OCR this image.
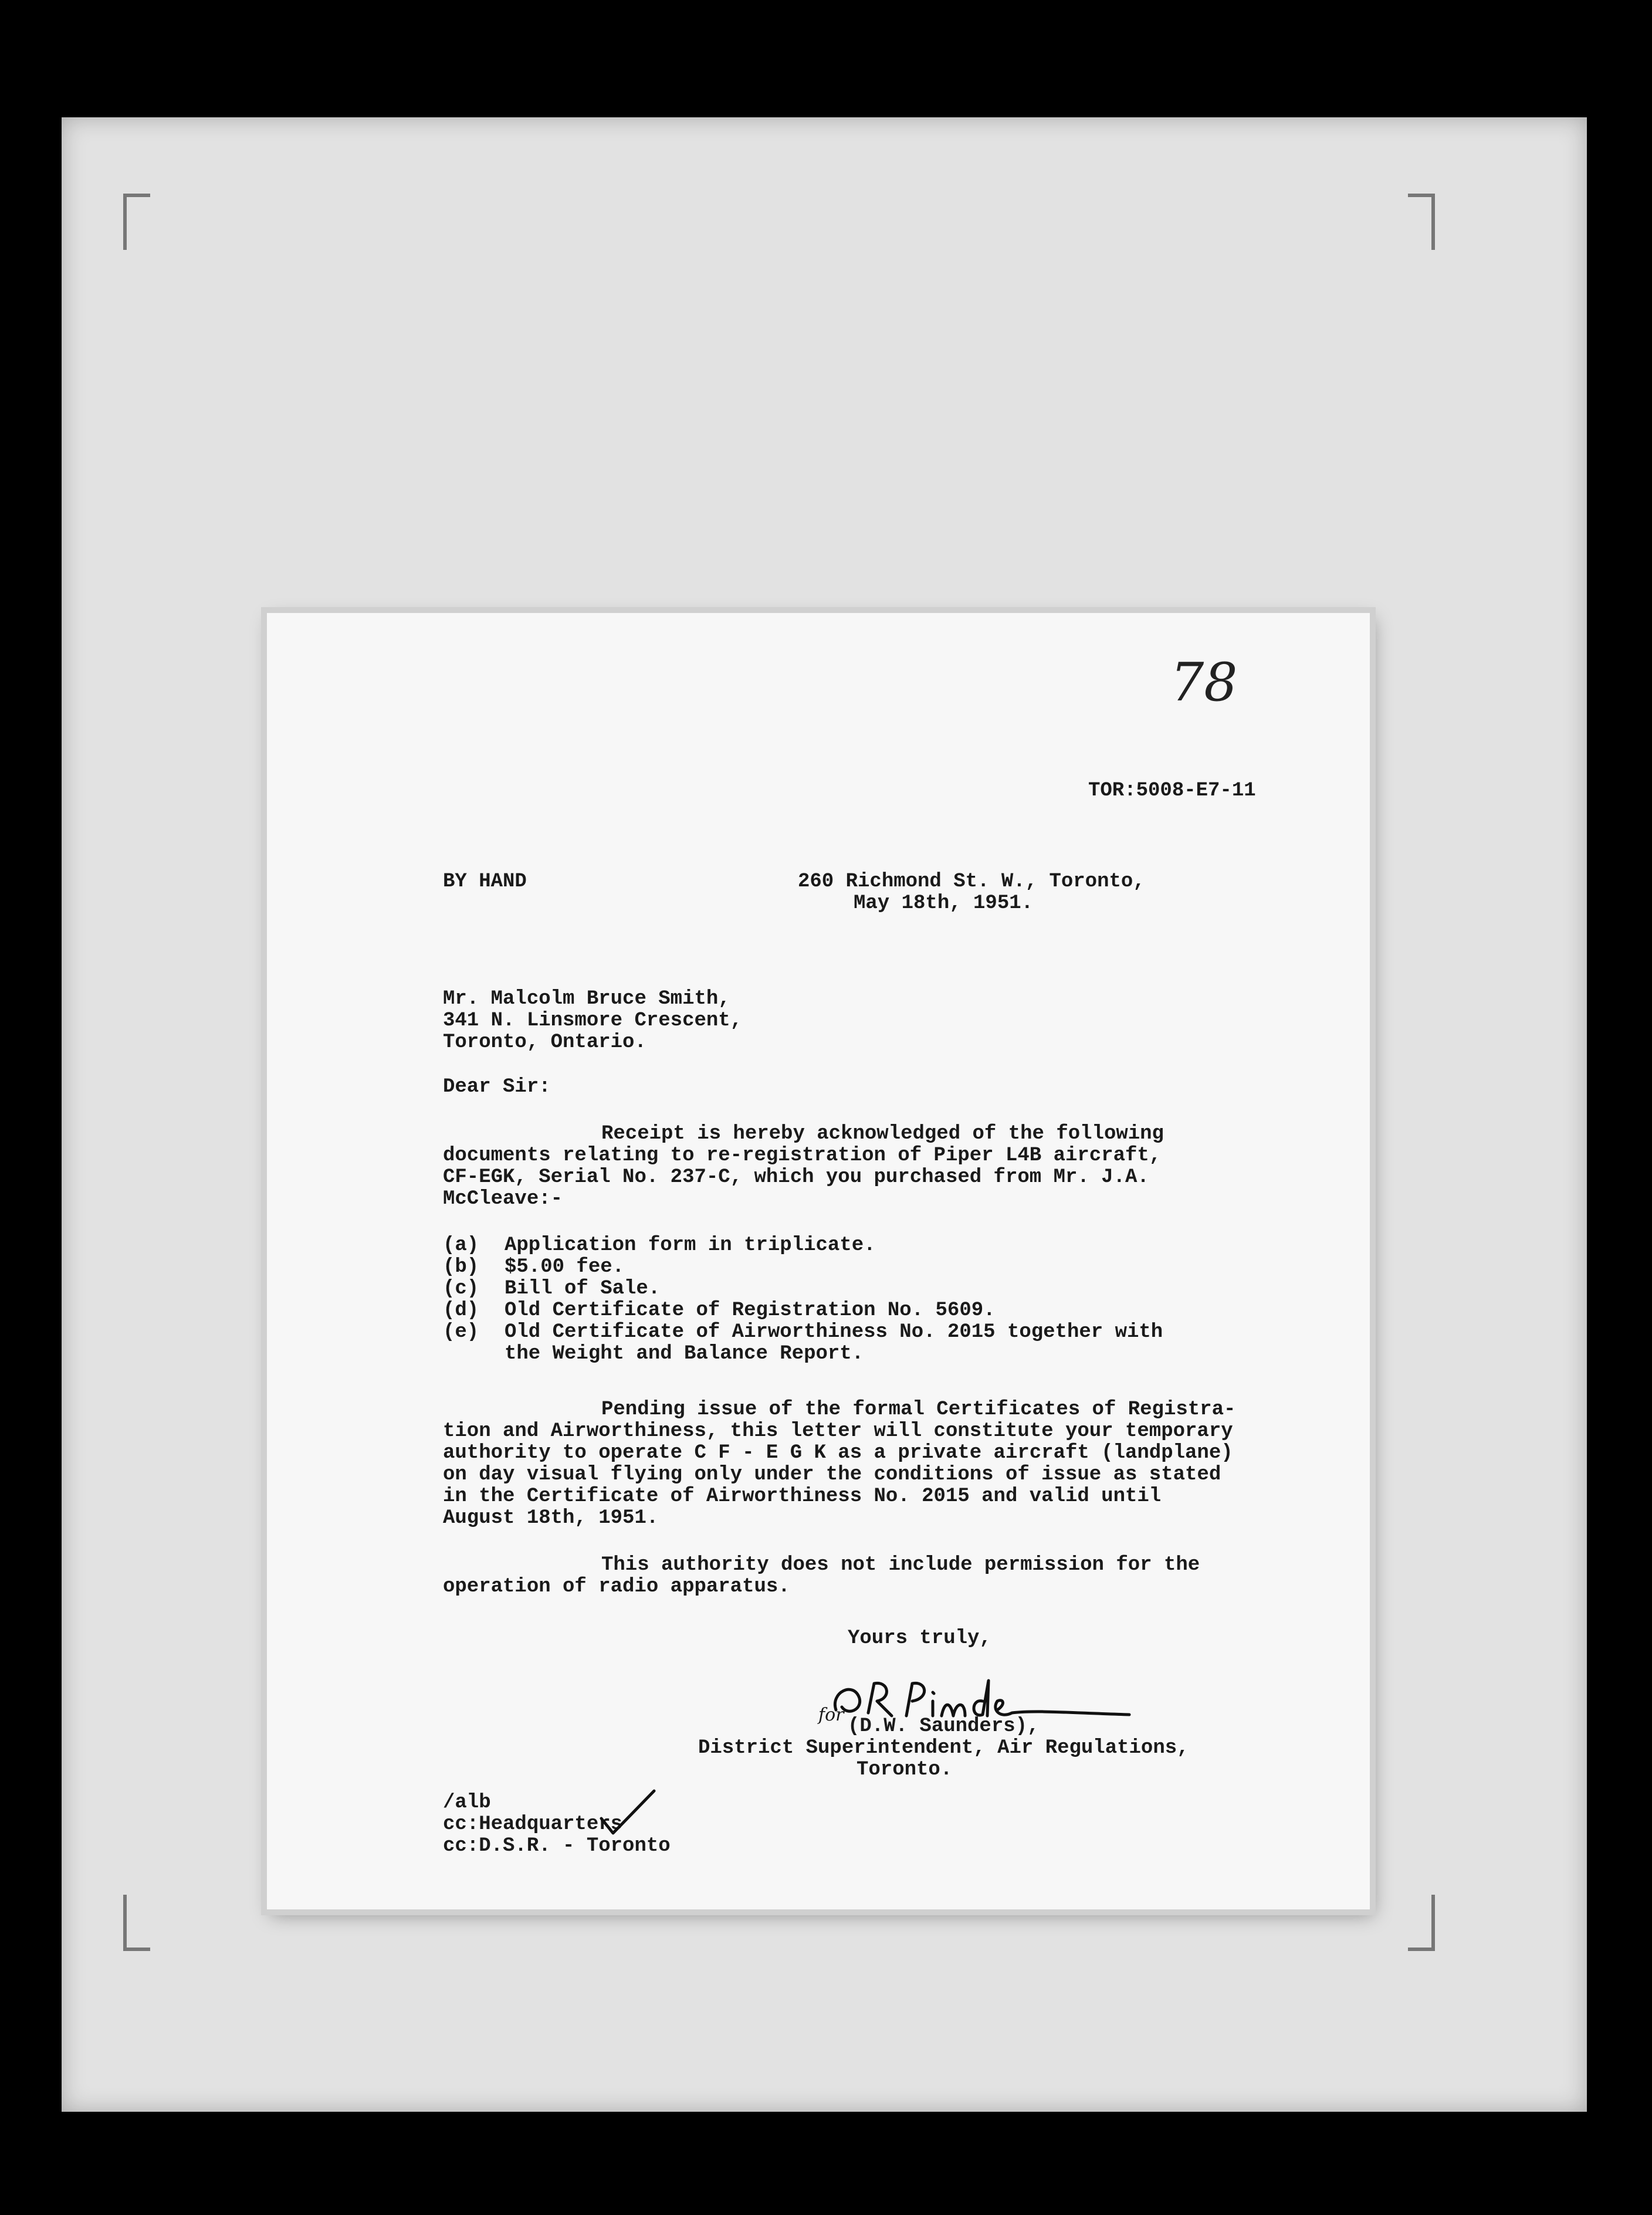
78
TOR:5008-E7-11
BY HAND	260 Richmond St. W., Toronto,
May 18th, 1951.
Mr. Malcolm Bruce Smith,
341 N. Linsmore Crescent,
Toronto, Ontario.
Dear Sir:
Receipt is hereby acknowledged of the following
documents relating to re-registration of Piper L4B aircraft,
CF-EGK, Serial No. 237-C, which you purchased from Mr. J.A.
McCleave:-
(a) Application form in triplicate.
(b) $5.00 fee.
(c) Bill of Sale.
(d) Old Certificate of Registration No. 5609.
(e) Old Certificate of Airworthiness No. 2015 together with
the Weight and Balance Report.
Pending issue of the formal Certificates of Registra-
tion and Airworthiness, this letter will constitute your temporary
authority to operate C F - E G K as a private aircraft (landplane)
on day visual flying only under the conditions of issue as stated
in the Certificate of Airworthiness No. 2015 and valid until
August 18th, 1951.
This authority does not include permission for the
operation of radio apparatus.
Yours truly,
for
(D.W. Saunders),
District Superintendent, Air Regulations,
Toronto.
/alb
cc:Headquarters
cc:D.S.R. - Toronto
